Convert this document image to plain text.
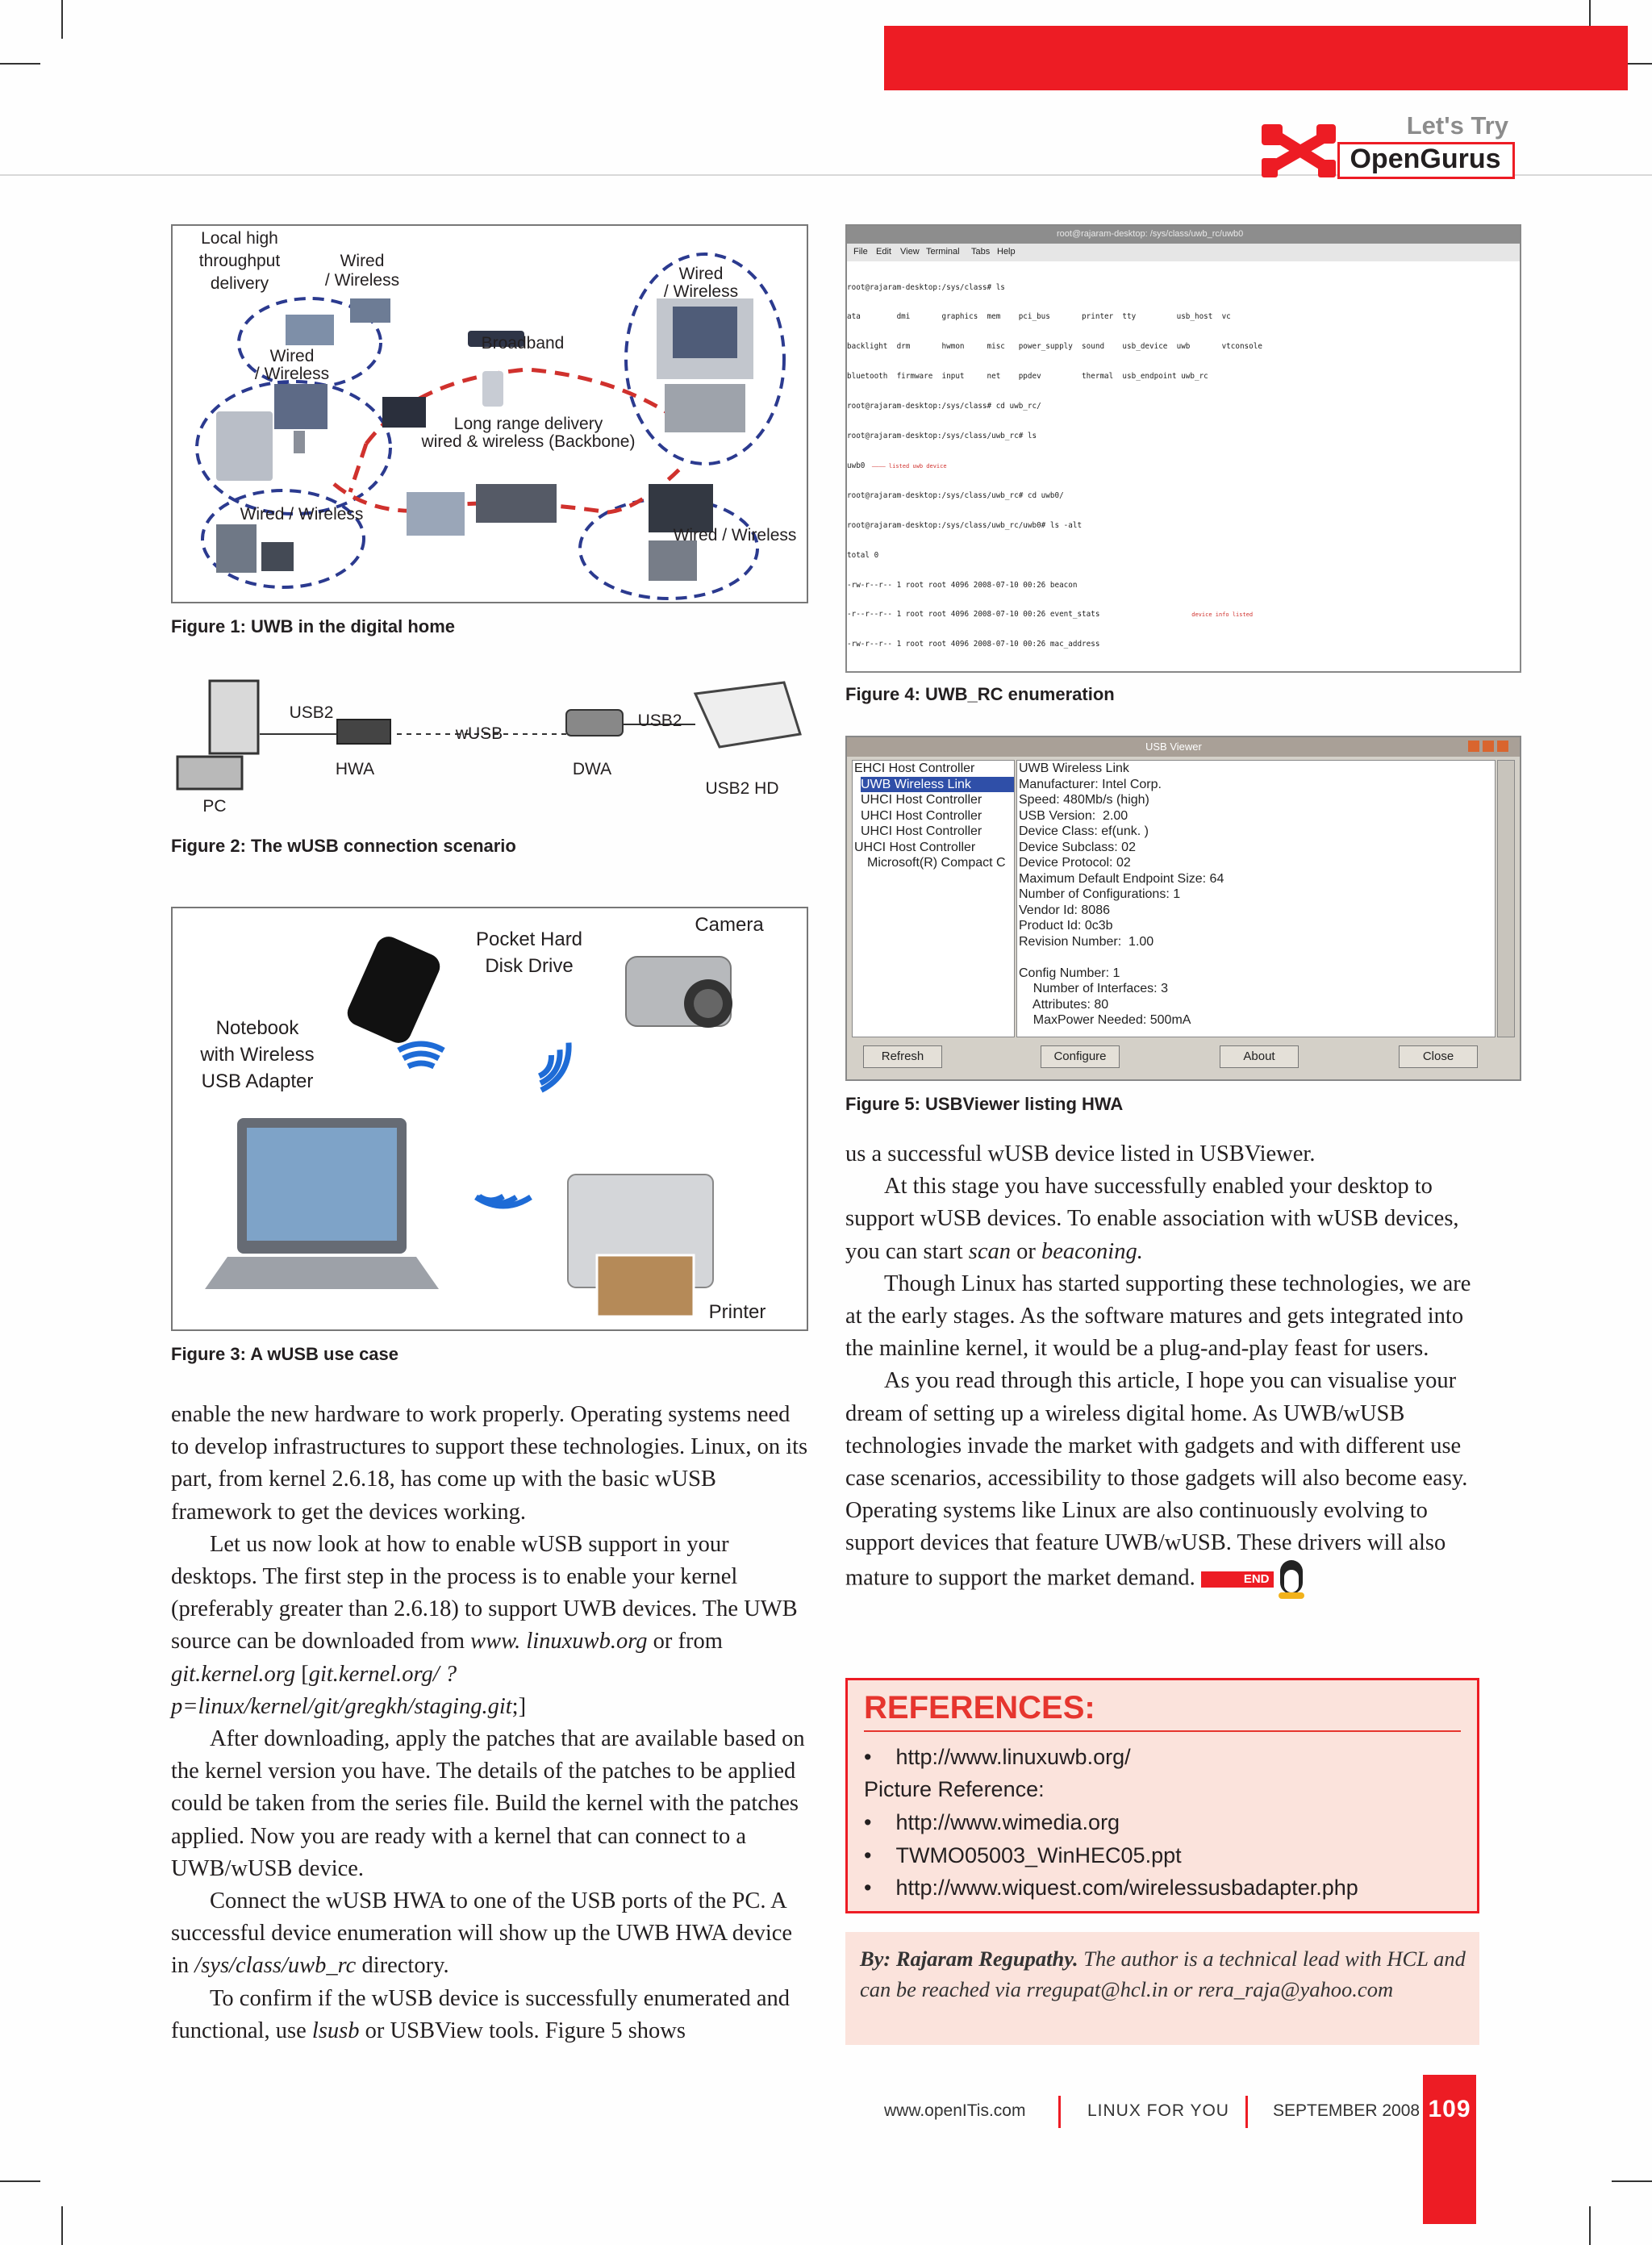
Let's Try
OpenGurus
Local high
throughput
delivery
Wired
/ Wireless	Wired
/ Wireless
Broadband
Wired
/ Wireless
Long range delivery
wired & wireless (Backbone)
Wired / Wireless
Wired / Wireless
Figure 1: UWB in the digital home
USB2
wUSB
USB2
HWA	DWA
USB2 HD
PC
Figure 2: The wUSB connection scenario
Pocket Hard
Disk Drive
Camera
Notebook
with Wireless
USB Adapter
Printer
Figure 3: A wUSB use case
root@rajaram-desktop: /sys/class/uwb_rc/uwb0
File Edit View Terminal Tabs Help

root@rajaram-desktop:/sys/class# ls

ata        dmi       graphics  mem    pci_bus       printer  tty         usb_host  vc

backlight  drm       hwmon     misc   power_supply  sound    usb_device  uwb       vtconsole

bluetooth  firmware  input     net    ppdev         thermal  usb_endpoint uwb_rc

root@rajaram-desktop:/sys/class# cd uwb_rc/

root@rajaram-desktop:/sys/class/uwb_rc# ls

uwb0  ———— listed uwb device

root@rajaram-desktop:/sys/class/uwb_rc# cd uwb0/

root@rajaram-desktop:/sys/class/uwb_rc/uwb0# ls -alt

total 0

-rw-r--r-- 1 root root 4096 2008-07-10 00:26 beacon

-r--r--r-- 1 root root 4096 2008-07-10 00:26 event_stats	device info listed

-rw-r--r-- 1 root root 4096 2008-07-10 00:26 mac_address

Figure 4: UWB_RC enumeration
USB Viewer
EHCI Host Controller
UWB Wireless Link
UHCI Host Controller
UHCI Host Controller
UHCI Host Controller
UHCI Host Controller
Microsoft(R) Compact C
UWB Wireless Link
Manufacturer: Intel Corp.
Speed: 480Mb/s (high)
USB Version:  2.00
Device Class: ef(unk. )
Device Subclass: 02
Device Protocol: 02
Maximum Default Endpoint Size: 64
Number of Configurations: 1
Vendor Id: 8086
Product Id: 0c3b
Revision Number:  1.00
Config Number: 1
Number of Interfaces: 3
Attributes: 80
MaxPower Needed: 500mA
Refresh	Configure	About	Close
Figure 5: USBViewer listing HWA

enable the new hardware to work properly. Operating systems need to develop infrastructures to support these technologies. Linux, on its part, from kernel 2.6.18, has come up with the basic wUSB framework to get the devices working.

Let us now look at how to enable wUSB support in your desktops. The first step in the process is to enable your kernel (preferably greater than 2.6.18) to support UWB devices. The UWB source can be downloaded from www. linuxuwb.org or from git.kernel.org [git.kernel.org/ ?p=linux/kernel/git/gregkh/staging.git;]

After downloading, apply the patches that are available based on the kernel version you have. The details of the patches to be applied could be taken from the series file. Build the kernel with the patches applied. Now you are ready with a kernel that can connect to a UWB/wUSB device.

Connect the wUSB HWA to one of the USB ports of the PC. A successful device enumeration will show up the UWB HWA device in /sys/class/uwb_rc directory.

To confirm if the wUSB device is successfully enumerated and functional, use lsusb or USBView tools. Figure 5 shows

us a successful wUSB device listed in USBViewer.

At this stage you have successfully enabled your desktop to support wUSB devices. To enable association with wUSB devices, you can start scan or beaconing.

Though Linux has started supporting these technologies, we are at the early stages. As the software matures and gets integrated into the mainline kernel, it would be a plug-and-play feast for users.

As you read through this article, I hope you can visualise your dream of setting up a wireless digital home. As UWB/wUSB technologies invade the market with gadgets and with different use case scenarios, accessibility to those gadgets will also become easy. Operating systems like Linux are also continuously evolving to support devices that feature UWB/wUSB. These drivers will also mature to support the market demand.	END

REFERENCES:
•    http://www.linuxuwb.org/
Picture Reference:
•    http://www.wimedia.org
•    TWMO05003_WinHEC05.ppt
•    http://www.wiquest.com/wirelessusbadapter.php
By: Rajaram Regupathy. The author is a technical lead with HCL and can be reached via rregupat@hcl.in or rera_raja@yahoo.com
www.openITis.com	LINUX FOR YOU	SEPTEMBER 2008 109
